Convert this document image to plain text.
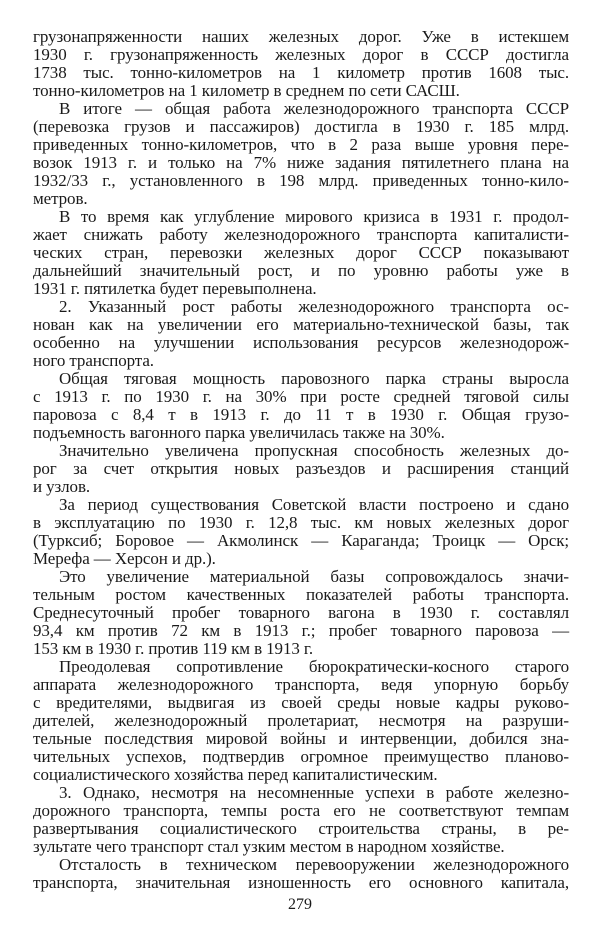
грузонапряженности наших железных дорог. Уже в истекшем
1930 г. грузонапряженность железных дорог в СССР достигла
1738 тыс. тонно-километров на 1 километр против 1608 тыс.
тонно-километров на 1 километр в среднем по сети САСШ.
В итоге — общая работа железнодорожного транспорта СССР
(перевозка грузов и пассажиров) достигла в 1930 г. 185 млрд.
приведенных тонно-километров, что в 2 раза выше уровня пере-
возок 1913 г. и только на 7% ниже задания пятилетнего плана на
1932/33 г., установленного в 198 млрд. приведенных тонно-кило-
метров.
В то время как углубление мирового кризиса в 1931 г. продол-
жает снижать работу железнодорожного транспорта капиталисти-
ческих стран, перевозки железных дорог СССР показывают
дальнейший значительный рост, и по уровню работы уже в
1931 г. пятилетка будет перевыполнена.
2. Указанный рост работы железнодорожного транспорта ос-
нован как на увеличении его материально-технической базы, так
особенно на улучшении использования ресурсов железнодорож-
ного транспорта.
Общая тяговая мощность паровозного парка страны выросла
с 1913 г. по 1930 г. на 30% при росте средней тяговой силы
паровоза с 8,4 т в 1913 г. до 11 т в 1930 г. Общая грузо-
подъемность вагонного парка увеличилась также на 30%.
Значительно увеличена пропускная способность железных до-
рог за счет открытия новых разъездов и расширения станций
и узлов.
За период существования Советской власти построено и сдано
в эксплуатацию по 1930 г. 12,8 тыс. км новых железных дорог
(Турксиб; Боровое — Акмолинск — Караганда; Троицк — Орск;
Мерефа — Херсон и др.).
Это увеличение материальной базы сопровождалось значи-
тельным ростом качественных показателей работы транспорта.
Среднесуточный пробег товарного вагона в 1930 г. составлял
93,4 км против 72 км в 1913 г.; пробег товарного паровоза —
153 км в 1930 г. против 119 км в 1913 г.
Преодолевая сопротивление бюрократически-косного старого
аппарата железнодорожного транспорта, ведя упорную борьбу
с вредителями, выдвигая из своей среды новые кадры руково-
дителей, железнодорожный пролетариат, несмотря на разруши-
тельные последствия мировой войны и интервенции, добился зна-
чительных успехов, подтвердив огромное преимущество планово-
социалистического хозяйства перед капиталистическим.
3. Однако, несмотря на несомненные успехи в работе железно-
дорожного транспорта, темпы роста его не соответствуют темпам
развертывания социалистического строительства страны, в ре-
зультате чего транспорт стал узким местом в народном хозяйстве.
Отсталость в техническом перевооружении железнодорожного
транспорта, значительная изношенность его основного капитала,
279
